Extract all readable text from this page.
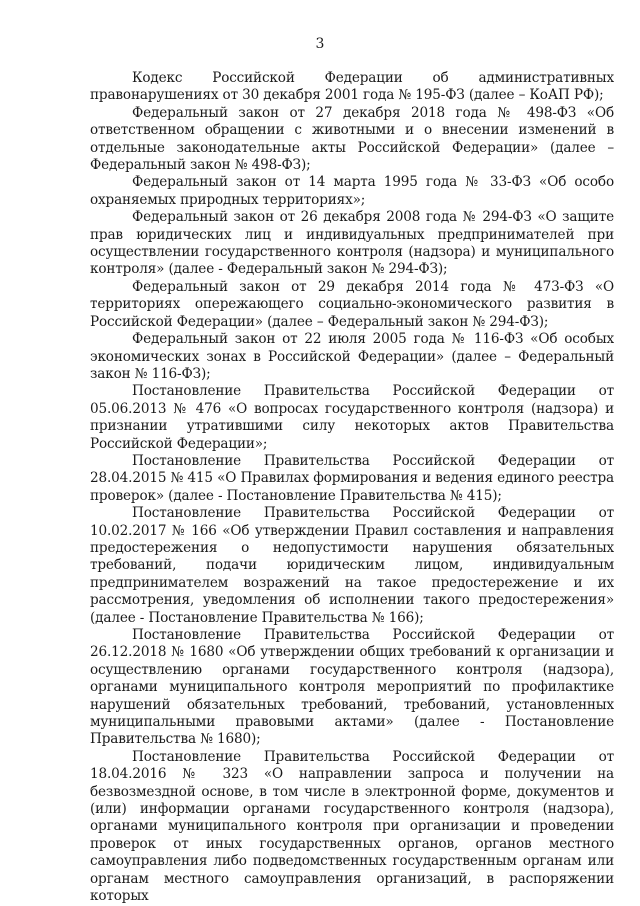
3

Кодекс Российской Федерации об административных правонарушениях от 30 декабря 2001 года № 195-ФЗ (далее – КоАП РФ);

Федеральный закон от 27 декабря 2018 года № 498-ФЗ «Об ответственном обращении с животными и о внесении изменений в отдельные законодательные акты Российской Федерации» (далее – Федеральный закон № 498-ФЗ);

Федеральный закон от 14 марта 1995 года № 33-ФЗ «Об особо охраняемых природных территориях»;

Федеральный закон от 26 декабря 2008 года № 294-ФЗ «О защите прав юридических лиц и индивидуальных предпринимателей при осуществлении государственного контроля (надзора) и муниципального контроля» (далее - Федеральный закон № 294-ФЗ);

Федеральный закон от 29 декабря 2014 года № 473-ФЗ «О территориях опережающего социально-экономического развития в Российской Федерации» (далее – Федеральный закон № 294-ФЗ);

Федеральный закон от 22 июля 2005 года № 116-ФЗ «Об особых экономических зонах в Российской Федерации» (далее – Федеральный закон № 116-ФЗ);

Постановление Правительства Российской Федерации от 05.06.2013 № 476 «О вопросах государственного контроля (надзора) и признании утратившими силу некоторых актов Правительства Российской Федерации»;

Постановление Правительства Российской Федерации от 28.04.2015 № 415 «О Правилах формирования и ведения единого реестра проверок» (далее - Постановление Правительства № 415);

Постановление Правительства Российской Федерации от 10.02.2017 № 166 «Об утверждении Правил составления и направления предостережения о недопустимости нарушения обязательных требований, подачи юридическим лицом, индивидуальным предпринимателем возражений на такое предостережение и их рассмотрения, уведомления об исполнении такого предостережения» (далее - Постановление Правительства № 166);

Постановление Правительства Российской Федерации от 26.12.2018 № 1680 «Об утверждении общих требований к организации и осуществлению органами государственного контроля (надзора), органами муниципального контроля мероприятий по профилактике нарушений обязательных требований, требований, установленных муниципальными правовыми актами» (далее - Постановление Правительства № 1680);

Постановление Правительства Российской Федерации от 18.04.2016 № 323 «О направлении запроса и получении на безвозмездной основе, в том числе в электронной форме, документов и (или) информации органами государственного контроля (надзора), органами муниципального контроля при организации и проведении проверок от иных государственных органов, органов местного самоуправления либо подведомственных государственным органам или органам местного самоуправления организаций, в распоряжении которых
